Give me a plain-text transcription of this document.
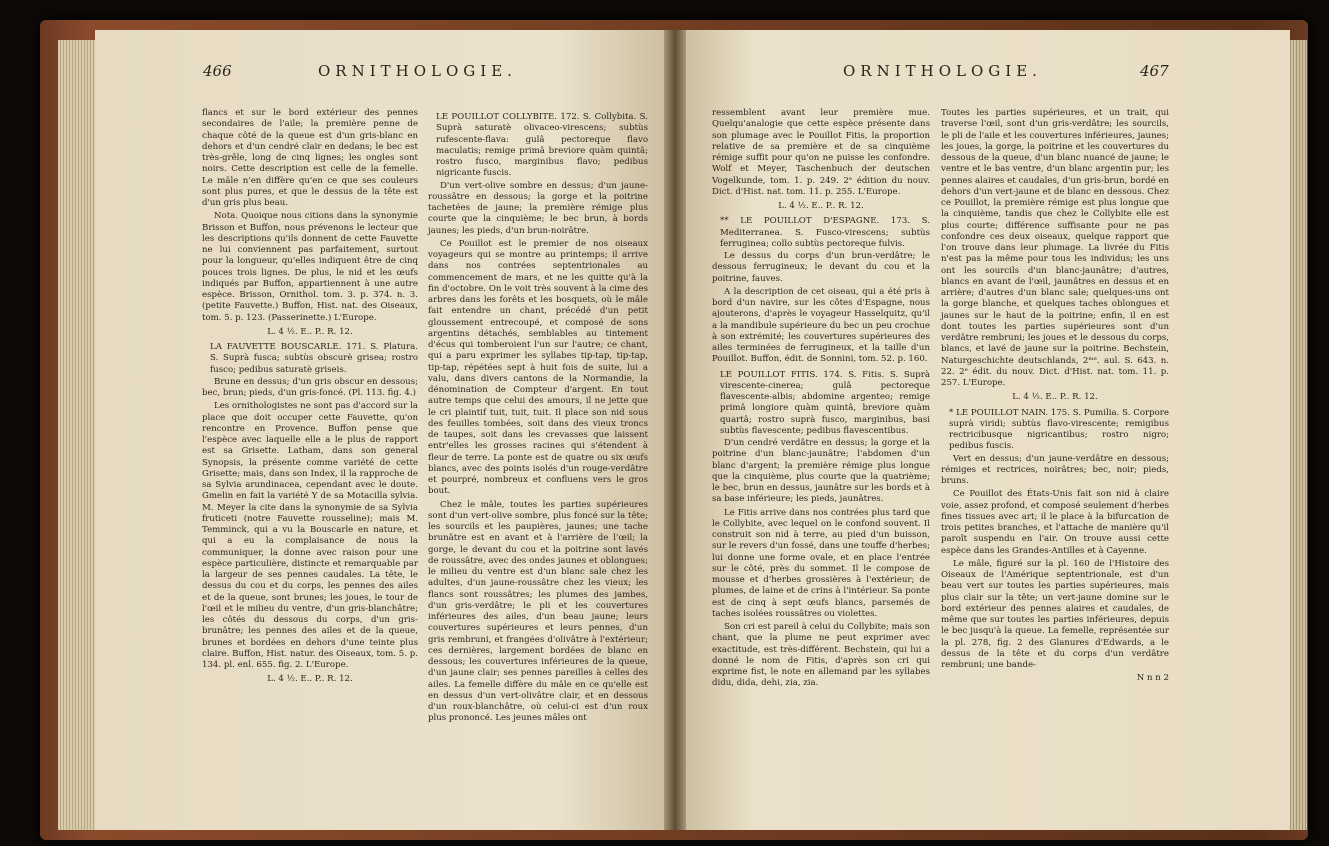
466	ORNITHOLOGIE.	ORNITHOLOGIE.	467

flancs et sur le bord extérieur des pennes secondaires de l'aile; la première penne de chaque côté de la queue est d'un gris-blanc en dehors et d'un cendré clair en dedans; le bec est très-grêle, long de cinq lignes; les ongles sont noirs. Cette description est celle de la femelle. Le mâle n'en diffère qu'en ce que ses couleurs sont plus pures, et que le dessus de la tête est d'un gris plus beau.

Nota. Quoique nous citions dans la synonymie Brisson et Buffon, nous prévenons le lecteur que les descriptions qu'ils donnent de cette Fauvette ne lui conviennent pas parfaitement, surtout pour la longueur, qu'elles indiquent être de cinq pouces trois lignes. De plus, le nid et les œufs indiqués par Buffon, appartiennent à une autre espèce. Brisson, Ornithol. tom. 3. p. 374. n. 3. (petite Fauvette.) Buffon, Hist. nat. des Oiseaux, tom. 5. p. 123. (Passerinette.) L'Europe.

L. 4 ½. E.. P.. R. 12.

LA FAUVETTE BOUSCARLE. 171. S. Platura. S. Suprà fusca; subtùs obscurè grisea; rostro fusco; pedibus saturatè griseis.

Brune en dessus; d'un gris obscur en dessous; bec, brun; pieds, d'un gris-foncé. (Pl. 113. fig. 4.)

Les ornithologistes ne sont pas d'accord sur la place que doit occuper cette Fauvette, qu'on rencontre en Provence. Buffon pense que l'espèce avec laquelle elle a le plus de rapport est sa Grisette. Latham, dans son general Synopsis, la présente comme variété de cette Grisette; mais, dans son Index, il la rapproche de sa Sylvia arundinacea, cependant avec le doute. Gmelin en fait la variété Y de sa Motacilla sylvia. M. Meyer la cite dans la synonymie de sa Sylvia fruticeti (notre Fauvette rousseline); mais M. Temminck, qui a vu la Bouscarle en nature, et qui a eu la complaisance de nous la communiquer, la donne avec raison pour une espèce particulière, distincte et remarquable par la largeur de ses pennes caudales. La tête, le dessus du cou et du corps, les pennes des ailes et de la queue, sont brunes; les joues, le tour de l'œil et le milieu du ventre, d'un gris-blanchâtre; les côtés du dessous du corps, d'un gris-brunâtre; les pennes des ailes et de la queue, brunes et bordées en dehors d'une teinte plus claire. Buffon, Hist. natur. des Oiseaux, tom. 5. p. 134. pl. enl. 655. fig. 2. L'Europe.

L. 4 ½. E.. P.. R. 12.

LE POUILLOT COLLYBITE. 172. S. Collybita. S. Suprà saturatè olivaceo-virescens; subtùs rufescente-flava: gulâ pectoreque flavo maculatis; remige primâ breviore quàm quintâ; rostro fusco, marginibus flavo; pedibus nigricante fuscis.

D'un vert-olive sombre en dessus; d'un jaune-roussâtre en dessous; la gorge et la poitrine tachetées de jaune; la première rémige plus courte que la cinquième; le bec brun, à bords jaunes; les pieds, d'un brun-noirâtre.

Ce Pouillot est le premier de nos oiseaux voyageurs qui se montre au printemps; il arrive dans nos contrées septentrionales au commencement de mars, et ne les quitte qu'à la fin d'octobre. On le voit très souvent à la cime des arbres dans les forêts et les bosquets, où le mâle fait entendre un chant, précédé d'un petit gloussement entrecoupé, et composé de sons argentins détachés, semblables au tintement d'écus qui tomberoient l'un sur l'autre; ce chant, qui a paru exprimer les syllabes tip-tap, tip-tap, tip-tap, répétées sept à huit fois de suite, lui a valu, dans divers cantons de la Normandie, la dénomination de Compteur d'argent. En tout autre temps que celui des amours, il ne jette que le cri plaintif tuit, tuit, tuit. Il place son nid sous des feuilles tombées, soit dans des vieux troncs de taupes, soit dans les crevasses que laissent entr'elles les grosses racines qui s'étendent à fleur de terre. La ponte est de quatre ou six œufs blancs, avec des points isolés d'un rouge-verdâtre et pourpré, nombreux et confluens vers le gros bout.

Chez le mâle, toutes les parties supérieures sont d'un vert-olive sombre, plus foncé sur la tête; les sourcils et les paupières, jaunes; une tache brunâtre est en avant et à l'arrière de l'œil; la gorge, le devant du cou et la poitrine sont lavés de roussâtre, avec des ondes jaunes et oblongues; le milieu du ventre est d'un blanc sale chez les adultes, d'un jaune-roussâtre chez les vieux; les flancs sont roussâtres; les plumes des jambes, d'un gris-verdâtre; le pli et les couvertures inférieures des ailes, d'un beau jaune; leurs couvertures supérieures et leurs pennes, d'un gris rembruni, et frangées d'olivâtre à l'extérieur; ces dernières, largement bordées de blanc en dessous; les couvertures inférieures de la queue, d'un jaune clair; ses pennes pareilles à celles des ailes. La femelle diffère du mâle en ce qu'elle est en dessus d'un vert-olivâtre clair, et en dessous d'un roux-blanchâtre, où celui-ci est d'un roux plus prononcé. Les jeunes mâles ont

ressemblent avant leur première mue. Quelqu'analogie que cette espèce présente dans son plumage avec le Pouillot Fitis, la proportion relative de sa première et de sa cinquième rémige suffit pour qu'on ne puisse les confondre. Wolf et Meyer, Taschenbuch der deutschen Vogelkunde, tom. 1. p. 249. 2ᵉ édition du nouv. Dict. d'Hist. nat. tom. 11. p. 255. L'Europe.

L. 4 ½. E.. P.. R. 12.

** LE POUILLOT D'ESPAGNE. 173. S. Mediterranea. S. Fusco-virescens; subtùs ferruginea; collo subtùs pectoreque fulvis.

Le dessus du corps d'un brun-verdâtre; le dessous ferrugineux; le devant du cou et la poitrine, fauves.

A la description de cet oiseau, qui a été pris à bord d'un navire, sur les côtes d'Espagne, nous ajouterons, d'après le voyageur Hasselquitz, qu'il a la mandibule supérieure du bec un peu crochue à son extrémité; les couvertures supérieures des ailes terminées de ferrugineux, et la taille d'un Pouillot. Buffon, édit. de Sonnini, tom. 52. p. 160.

LE POUILLOT FITIS. 174. S. Fitis. S. Suprà virescente-cinerea; gulâ pectoreque flavescente-albis; abdomine argenteo; remige primâ longiore quàm quintâ, breviore quàm quartâ; rostro suprà fusco, marginibus, basi subtùs flavescente; pedibus flavescentibus.

D'un cendré verdâtre en dessus; la gorge et la poitrine d'un blanc-jaunâtre; l'abdomen d'un blanc d'argent; la première rémige plus longue que la cinquième, plus courte que la quatrième; le bec, brun en dessus, jaunâtre sur les bords et à sa base inférieure; les pieds, jaunâtres.

Le Fitis arrive dans nos contrées plus tard que le Collybite, avec lequel on le confond souvent. Il construit son nid à terre, au pied d'un buisson, sur le revers d'un fossé, dans une touffe d'herbes; lui donne une forme ovale, et en place l'entrée sur le côté, près du sommet. Il le compose de mousse et d'herbes grossières à l'extérieur; de plumes, de laine et de crins à l'intérieur. Sa ponte est de cinq à sept œufs blancs, parsemés de taches isolées roussâtres ou violettes.

Son cri est pareil à celui du Collybite; mais son chant, que la plume ne peut exprimer avec exactitude, est très-différent. Bechstein, qui lui a donné le nom de Fitis, d'après son cri qui exprime fist, le note en allemand par les syllabes didu, dida, dehi, zia, zia.

Toutes les parties supérieures, et un trait, qui traverse l'œil, sont d'un gris-verdâtre; les sourcils, le pli de l'aile et les couvertures inférieures, jaunes; les joues, la gorge, la poitrine et les couvertures du dessous de la queue, d'un blanc nuancé de jaune; le ventre et le bas ventre, d'un blanc argentin pur; les pennes alaires et caudales, d'un gris-brun, bordé en dehors d'un vert-jaune et de blanc en dessous. Chez ce Pouillot, la première rémige est plus longue que la cinquième, tandis que chez le Collybite elle est plus courte; différence suffisante pour ne pas confondre ces deux oiseaux, quelque rapport que l'on trouve dans leur plumage. La livrée du Fitis n'est pas la même pour tous les individus; les uns ont les sourcils d'un blanc-jaunâtre; d'autres, blancs en avant de l'œil, jaunâtres en dessus et en arrière; d'autres d'un blanc sale; quelques-uns ont la gorge blanche, et quelques taches oblongues et jaunes sur le haut de la poitrine; enfin, il en est dont toutes les parties supérieures sont d'un verdâtre rembruni; les joues et le dessous du corps, blancs, et lavé de jaune sur la poitrine. Bechstein, Naturgeschichte deutschlands, 2ᵐᵉ. aul. S. 643. n. 22. 2ᵉ édit. du nouv. Dict. d'Hist. nat. tom. 11. p. 257. L'Europe.

L. 4 ½. E.. P.. R. 12.

* LE POUILLOT NAIN. 175. S. Pumilia. S. Corpore suprà viridi; subtùs flavo-virescente; remigibus rectricibusque nigricantibus; rostro nigro; pedibus fuscis.

Vert en dessus; d'un jaune-verdâtre en dessous; rémiges et rectrices, noirâtres; bec, noir; pieds, bruns.

Ce Pouillot des États-Unis fait son nid à claire voie, assez profond, et composé seulement d'herbes fines tissues avec art; il le place à la bifurcation de trois petites branches, et l'attache de manière qu'il paroît suspendu en l'air. On trouve aussi cette espèce dans les Grandes-Antilles et à Cayenne.

Le mâle, figuré sur la pl. 160 de l'Histoire des Oiseaux de l'Amérique septentrionale, est d'un beau vert sur toutes les parties supérieures, mais plus clair sur la tête; un vert-jaune domine sur le bord extérieur des pennes alaires et caudales, de même que sur toutes les parties inférieures, depuis le bec jusqu'à la queue. La femelle, représentée sur la pl. 278, fig. 2 des Glanures d'Edwards, a le dessus de la tête et du corps d'un verdâtre rembruni; une bande-

N n n 2
